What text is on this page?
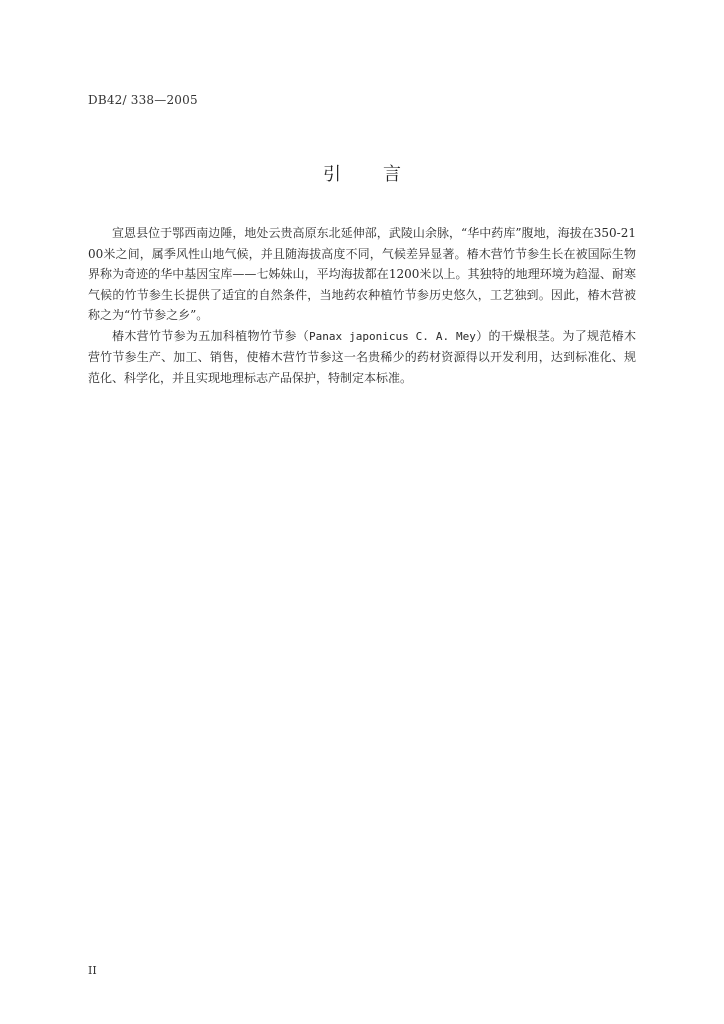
DB42/ 338—2005
引 言

宣恩县位于鄂西南边陲，地处云贵高原东北延伸部，武陵山余脉，“华中药库”腹地，海拔在350-2100米之间，属季风性山地气候，并且随海拔高度不同，气候差异显著。椿木营竹节参生长在被国际生物界称为奇迹的华中基因宝库——七姊妹山，平均海拔都在1200米以上。其独特的地理环境为趋湿、耐寒气候的竹节参生长提供了适宜的自然条件，当地药农种植竹节参历史悠久，工艺独到。因此，椿木营被称之为“竹节参之乡”。

椿木营竹节参为五加科植物竹节参（Panax japonicus C. A. Mey）的干燥根茎。为了规范椿木营竹节参生产、加工、销售，使椿木营竹节参这一名贵稀少的药材资源得以开发利用，达到标准化、规范化、科学化，并且实现地理标志产品保护，特制定本标准。

II
